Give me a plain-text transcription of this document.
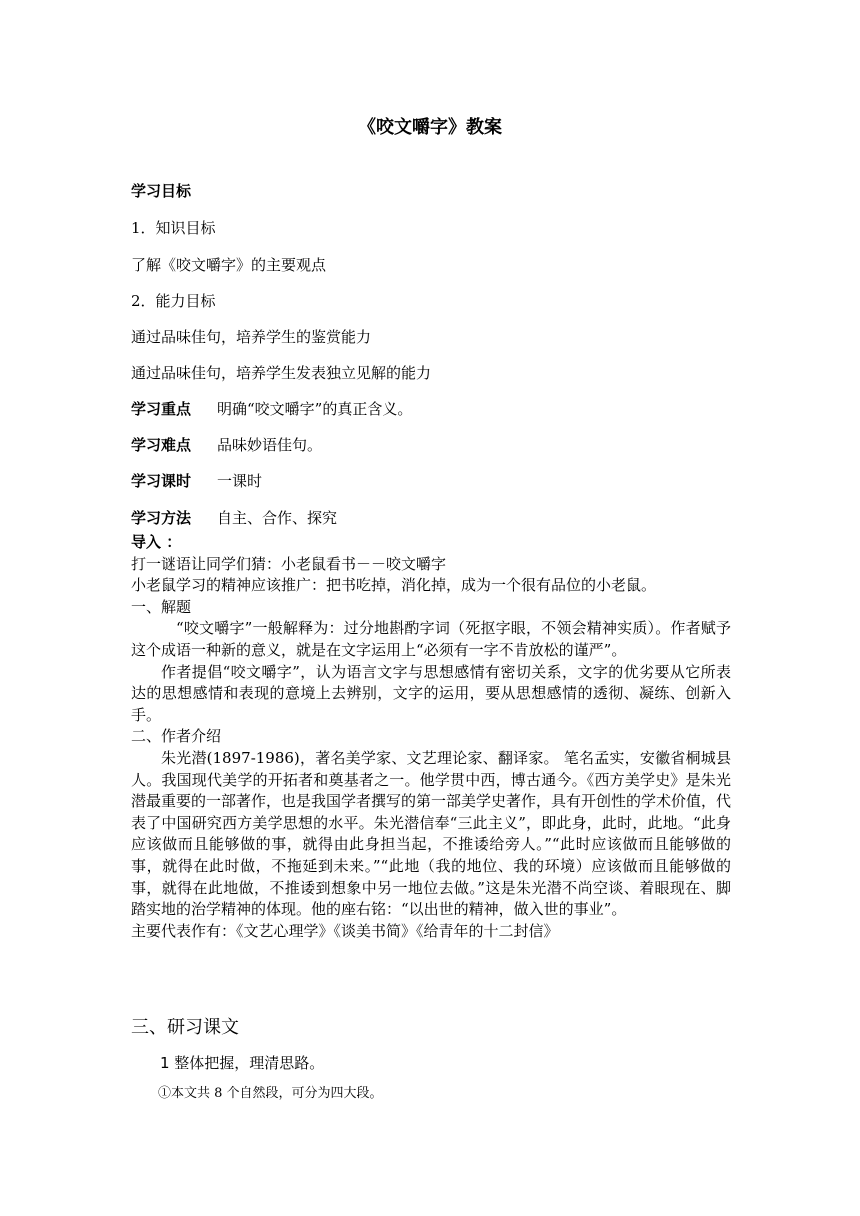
《咬文嚼字》教案

学习目标

1．知识目标

了解《咬文嚼字》的主要观点

2．能力目标

通过品味佳句，培养学生的鉴赏能力

通过品味佳句，培养学生发表独立见解的能力

学习重点 明确“咬文嚼字”的真正含义。

学习难点 品味妙语佳句。

学习课时 一课时

学习方法 自主、合作、探究

导入 ：

打一谜语让同学们猜：小老鼠看书－－咬文嚼字

小老鼠学习的精神应该推广：把书吃掉，消化掉，成为一个很有品位的小老鼠。

一、解题

“咬文嚼字”一般解释为：过分地斟酌字词（死抠字眼，不领会精神实质）。作者赋予这个成语一种新的意义，就是在文字运用上“必须有一字不肯放松的谨严”。

作者提倡“咬文嚼字”，认为语言文字与思想感情有密切关系，文字的优劣要从它所表达的思想感情和表现的意境上去辨别，文字的运用，要从思想感情的透彻、凝练、创新入手。

二、作者介绍

朱光潜(1897-1986)，著名美学家、文艺理论家、翻译家。 笔名孟实，安徽省桐城县人。我国现代美学的开拓者和奠基者之一。他学贯中西，博古通今。《西方美学史》是朱光潜最重要的一部著作，也是我国学者撰写的第一部美学史著作，具有开创性的学术价值，代表了中国研究西方美学思想的水平。朱光潜信奉“三此主义”，即此身，此时，此地。“此身应该做而且能够做的事，就得由此身担当起，不推诿给旁人。”“此时应该做而且能够做的事，就得在此时做，不拖延到未来。”“此地（我的地位、我的环境）应该做而且能够做的事，就得在此地做，不推诿到想象中另一地位去做。”这是朱光潜不尚空谈、着眼现在、脚踏实地的治学精神的体现。他的座右铭：“以出世的精神，做入世的事业”。

主要代表作有：《文艺心理学》《谈美书简》《给青年的十二封信》

三、研习课文

1 整体把握，理清思路。

①本文共 8 个自然段，可分为四大段。
